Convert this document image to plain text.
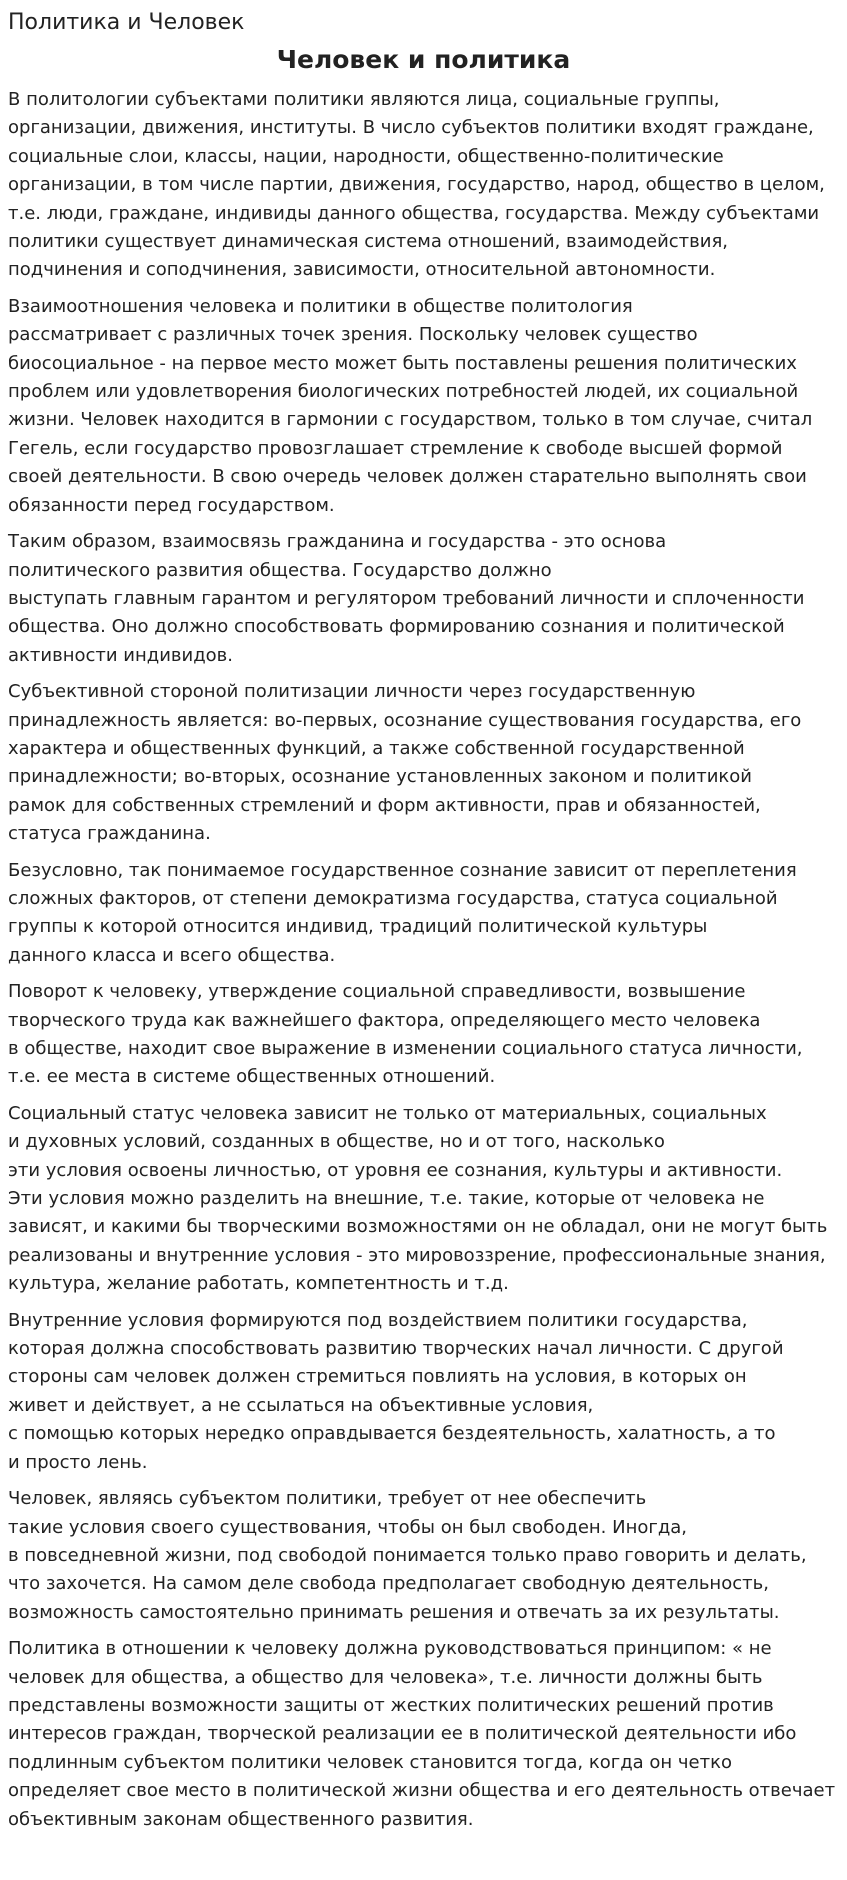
Политика и Человек
Человек и политика

В политологии субъектами политики являются лица, социальные группы,
организации, движения, институты. В число субъектов политики входят граждане,
социальные слои, классы, нации, народности, общественно-политические
организации, в том числе партии, движения, государство, народ, общество в целом,
т.е. люди, граждане, индивиды данного общества, государства. Между субъектами
политики существует динамическая система отношений, взаимодействия,
подчинения и соподчинения, зависимости, относительной автономности.

Взаимоотношения человека и политики в обществе политология
рассматривает с различных точек зрения. Поскольку человек существо
биосоциальное - на первое место может быть поставлены решения политических
проблем или удовлетворения биологических потребностей людей, их социальной
жизни. Человек находится в гармонии с государством, только в том случае, считал
Гегель, если государство провозглашает стремление к свободе высшей формой
своей деятельности. В свою очередь человек должен старательно выполнять свои
обязанности перед государством.

Таким образом, взаимосвязь гражданина и государства - это основа
политического развития общества. Государство должно
выступать главным гарантом и регулятором требований личности и сплоченности
общества. Оно должно способствовать формированию сознания и политической
активности индивидов.

Субъективной стороной политизации личности через государственную
принадлежность является: во-первых, осознание существования государства, его
характера и общественных функций, а также собственной государственной
принадлежности; во-вторых, осознание установленных законом и политикой
рамок для собственных стремлений и форм активности, прав и обязанностей,
статуса гражданина.

Безусловно, так понимаемое государственное сознание зависит от переплетения
сложных факторов, от степени демократизма государства, статуса социальной
группы к которой относится индивид, традиций политической культуры
данного класса и всего общества.

Поворот к человеку, утверждение социальной справедливости, возвышение
творческого труда как важнейшего фактора, определяющего место человека
в обществе, находит свое выражение в изменении социального статуса личности,
т.е. ее места в системе общественных отношений.

Социальный статус человека зависит не только от материальных, социальных
и духовных условий, созданных в обществе, но и от того, насколько
эти условия освоены личностью, от уровня ее сознания, культуры и активности.
Эти условия можно разделить на внешние, т.е. такие, которые от человека не
зависят, и какими бы творческими возможностями он не обладал, они не могут быть
реализованы и внутренние условия - это мировоззрение, профессиональные знания,
культура, желание работать, компетентность и т.д.

Внутренние условия формируются под воздействием политики государства,
которая должна способствовать развитию творческих начал личности. С другой
стороны сам человек должен стремиться повлиять на условия, в которых он
живет и действует, а не ссылаться на объективные условия,
с помощью которых нередко оправдывается бездеятельность, халатность, а то
и просто лень.

Человек, являясь субъектом политики, требует от нее обеспечить
такие условия своего существования, чтобы он был свободен. Иногда,
в повседневной жизни, под свободой понимается только право говорить и делать,
что захочется. На самом деле свобода предполагает свободную деятельность,
возможность самостоятельно принимать решения и отвечать за их результаты.

Политика в отношении к человеку должна руководствоваться принципом: « не
человек для общества, а общество для человека», т.е. личности должны быть
представлены возможности защиты от жестких политических решений против
интересов граждан, творческой реализации ее в политической деятельности ибо
подлинным субъектом политики человек становится тогда, когда он четко
определяет свое место в политической жизни общества и его деятельность отвечает
объективным законам общественного развития.
